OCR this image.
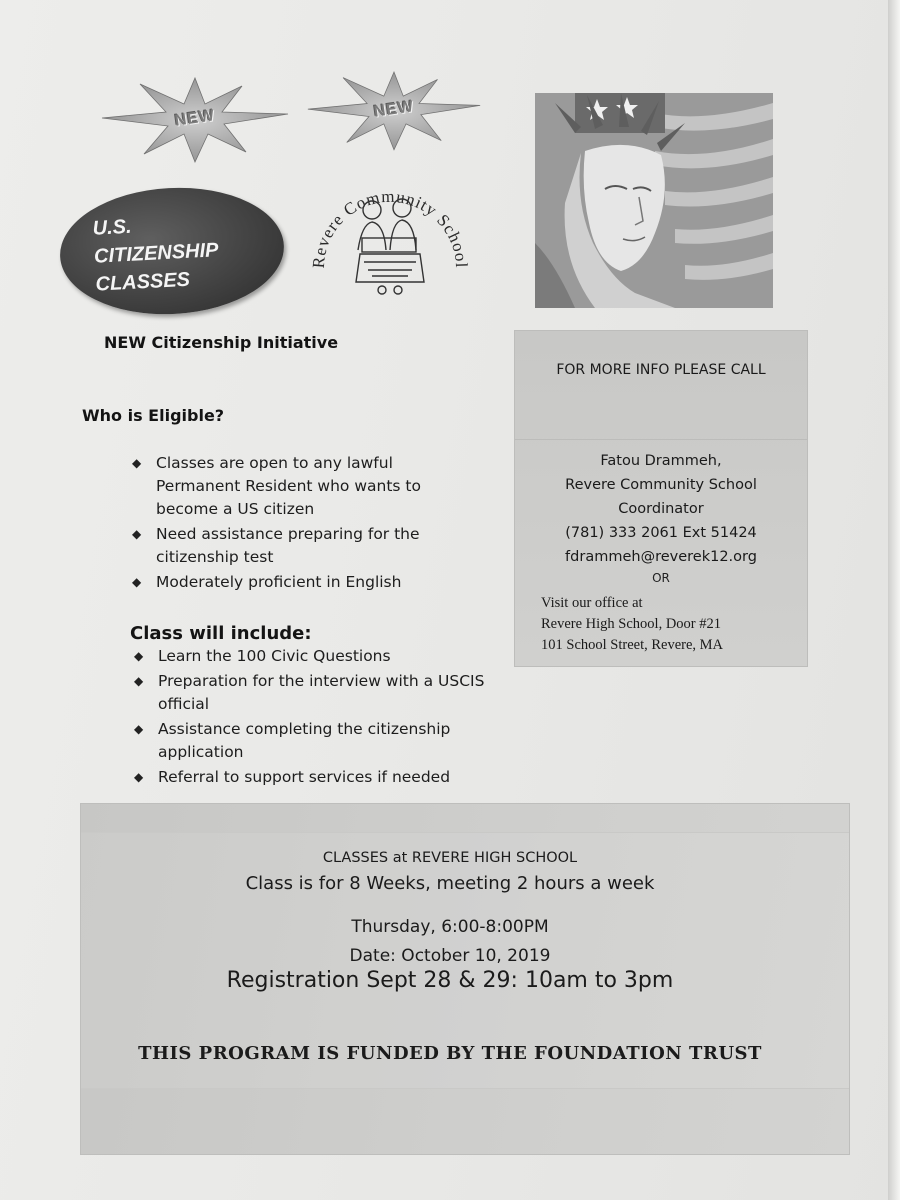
NEW	NEW
U.S.
CITIZENSHIP
CLASSES
Revere Community School
NEW Citizenship Initiative
Who is Eligible?
◆ Classes are open to any lawful Permanent Resident who wants to become a US citizen
◆ Need assistance preparing for the citizenship test
◆ Moderately proficient in English
Class will include:
◆ Learn the 100 Civic Questions
◆ Preparation for the interview with a USCIS official
◆ Assistance completing the citizenship application
◆ Referral to support services if needed
FOR MORE INFO PLEASE CALL
Fatou Drammeh,
Revere Community School
Coordinator
(781) 333 2061 Ext 51424
fdrammeh@reverek12.org
OR
Visit our office at
Revere High School, Door #21
101 School Street, Revere, MA
CLASSES at REVERE HIGH SCHOOL
Class is for 8 Weeks, meeting 2 hours a week
Thursday, 6:00-8:00PM
Date: October 10, 2019
Registration Sept 28 & 29: 10am to 3pm
THIS PROGRAM IS FUNDED BY THE FOUNDATION TRUST
